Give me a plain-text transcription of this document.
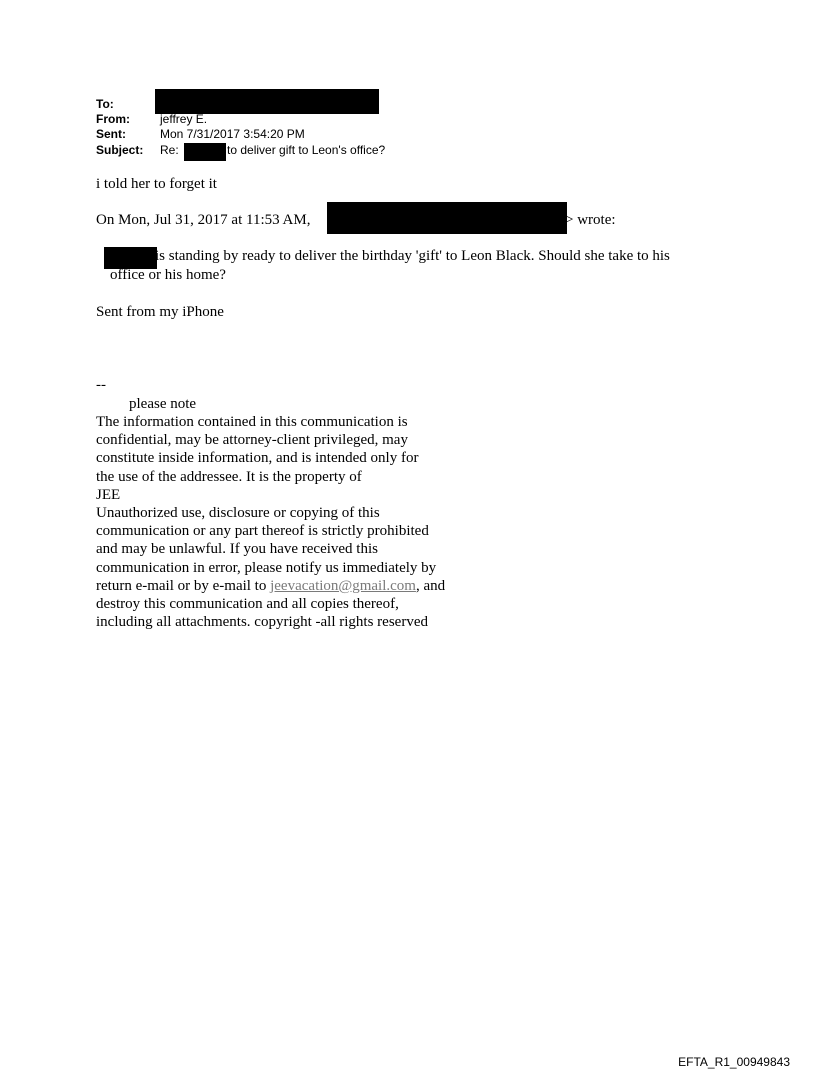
To:
From:	jeffrey E.
Sent:	Mon 7/31/2017 3:54:20 PM
Subject: Re:	to deliver gift to Leon's office?
i told her to forget it
On Mon, Jul 31, 2017 at 11:53 AM,	> wrote:
is standing by ready to deliver the birthday 'gift' to Leon Black. Should she take to his
office or his home?
Sent from my iPhone
--
please note
The information contained in this communication is
confidential, may be attorney-client privileged, may
constitute inside information, and is intended only for
the use of the addressee. It is the property of
JEE
Unauthorized use, disclosure or copying of this
communication or any part thereof is strictly prohibited
and may be unlawful. If you have received this
communication in error, please notify us immediately by
return e-mail or by e-mail to jeevacation@gmail.com, and
destroy this communication and all copies thereof,
including all attachments. copyright -all rights reserved
EFTA_R1_00949843
